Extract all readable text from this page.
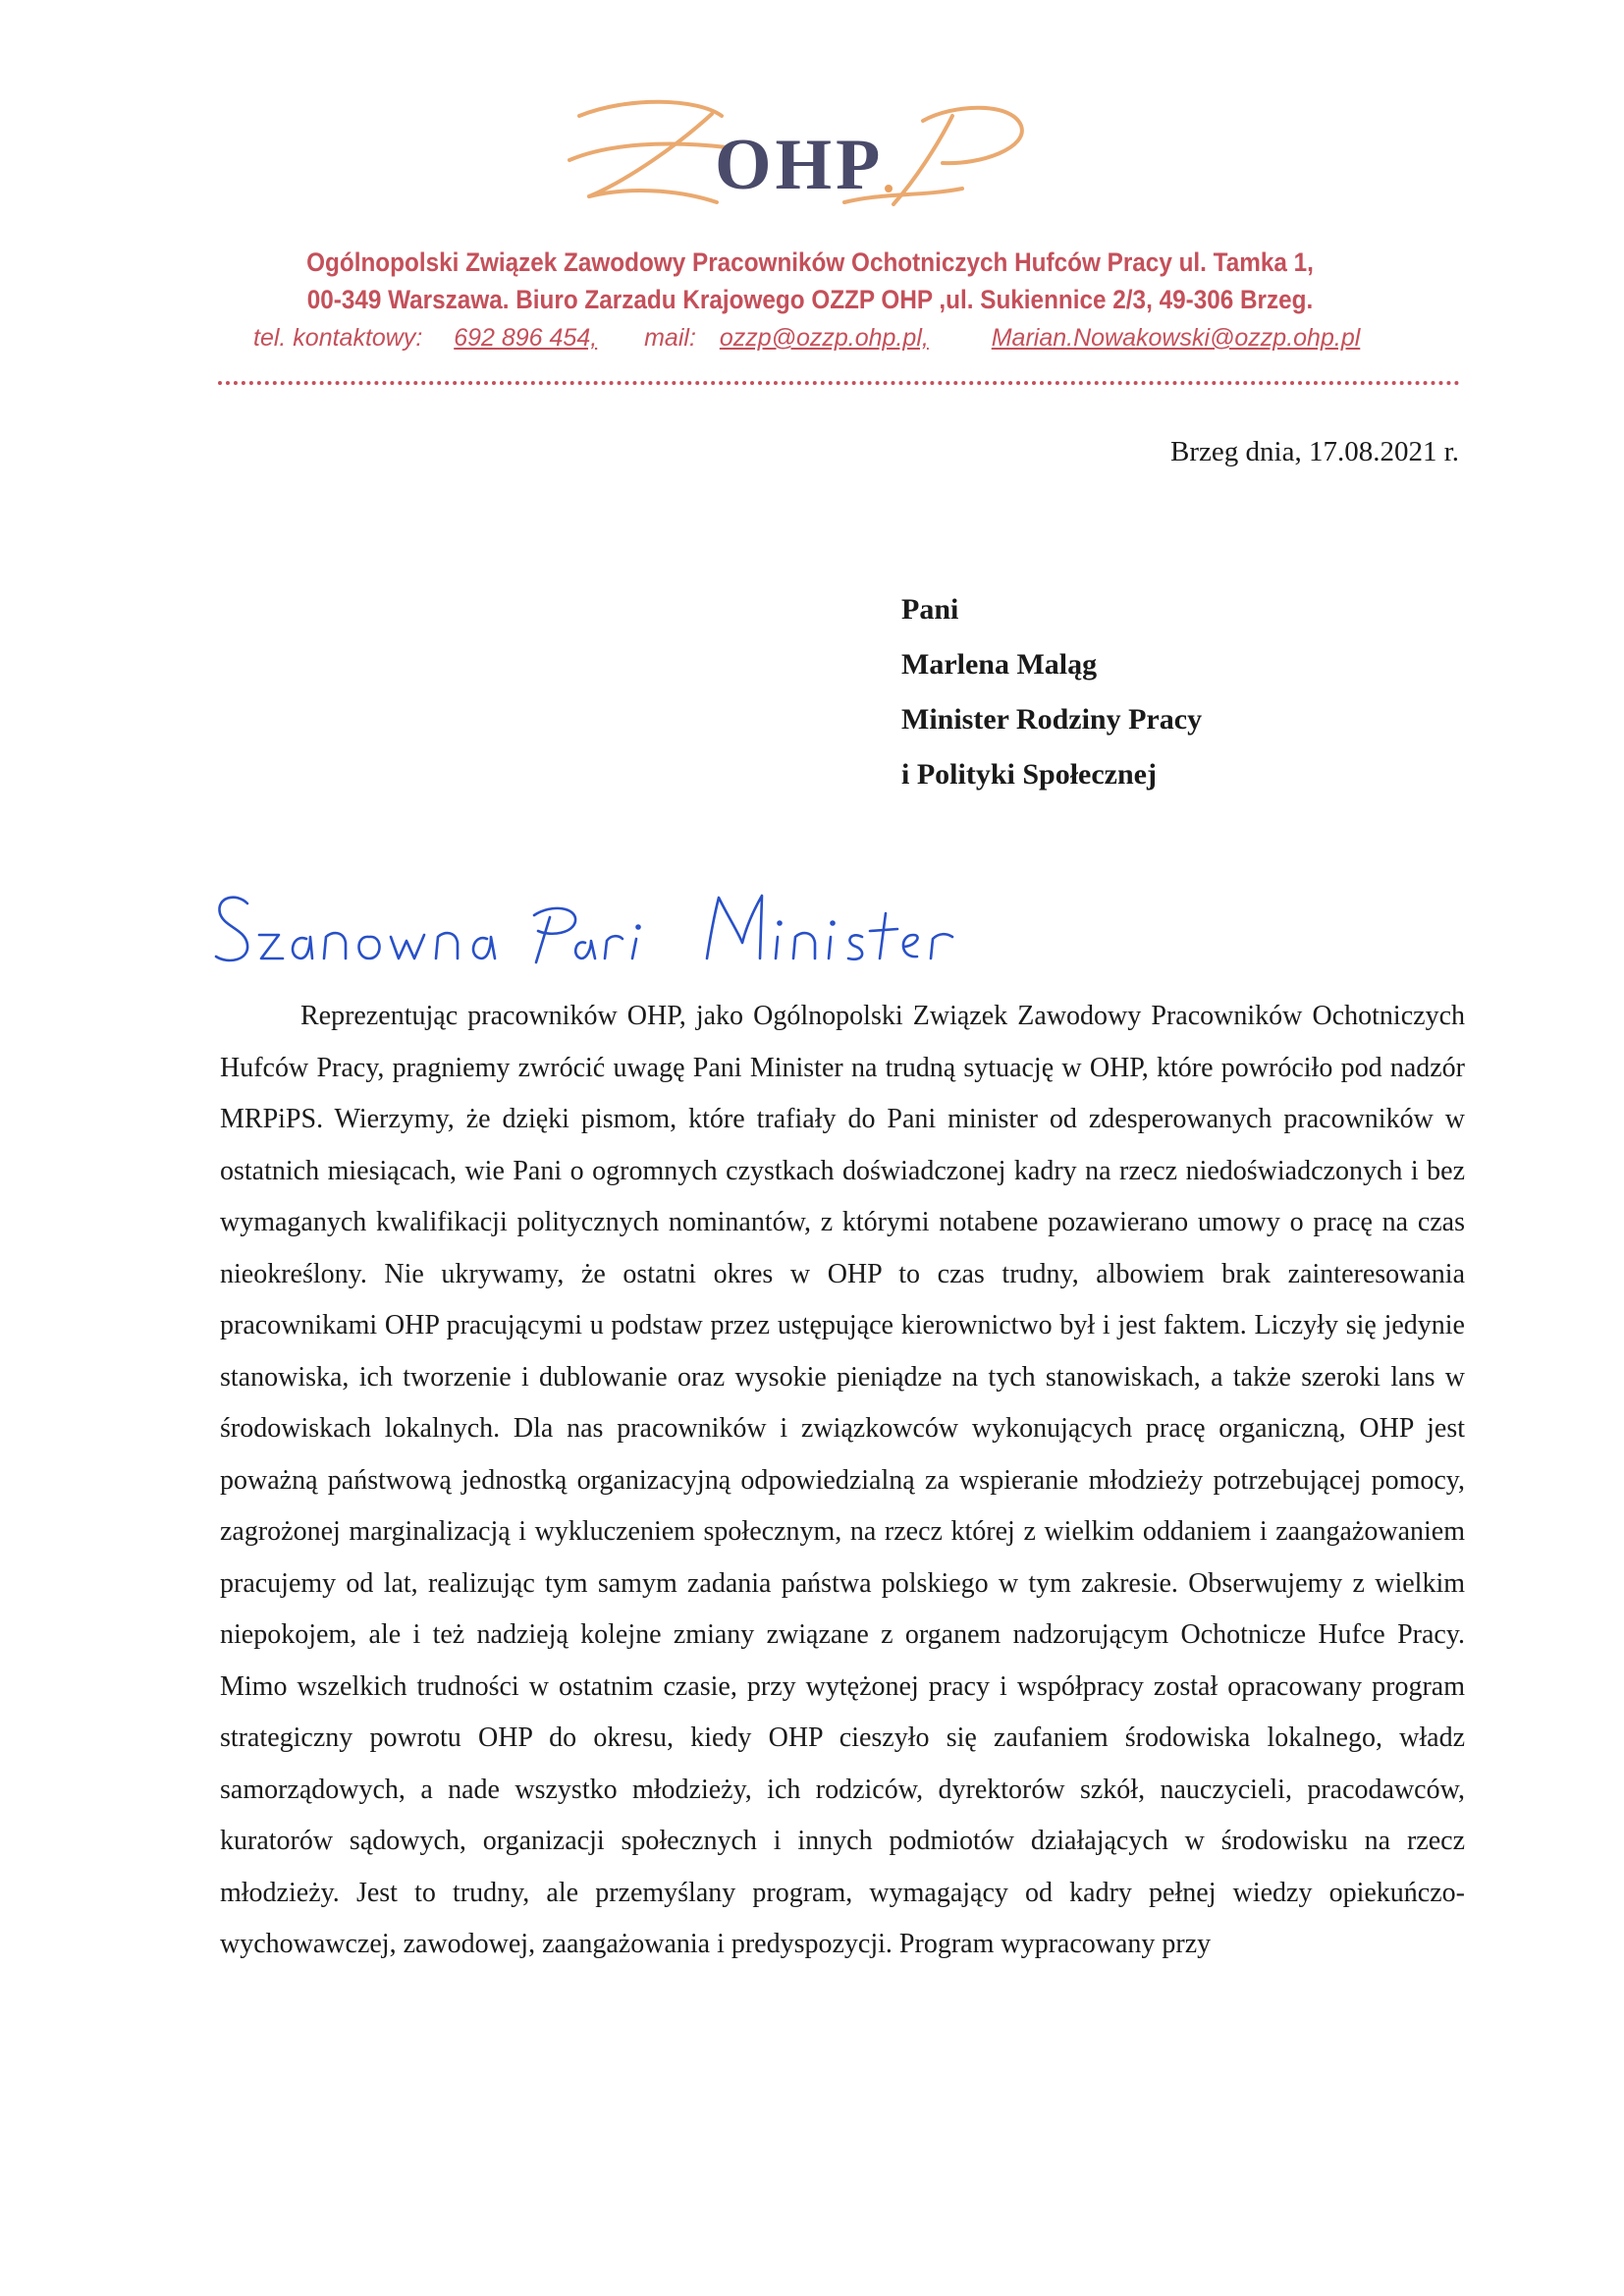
OHP
Ogólnopolski Związek Zawodowy Pracowników Ochotniczych Hufców Pracy ul. Tamka 1,
00-349 Warszawa. Biuro Zarzadu Krajowego OZZP OHP ,ul. Sukiennice 2/3, 49-306 Brzeg.
tel. kontaktowy: 692 896 454, mail: ozzp@ozzp.ohp.pl,	Marian.Nowakowski@ozzp.ohp.pl
Brzeg dnia, 17.08.2021 r.
Pani
Marlena Maląg
Minister Rodziny Pracy
i Polityki Społecznej
Reprezentując pracowników OHP, jako Ogólnopolski Związek Zawodowy Pracowników Ochotniczych Hufców Pracy, pragniemy zwrócić uwagę Pani Minister na trudną sytuację w OHP, które powróciło pod nadzór MRPiPS. Wierzymy, że dzięki pismom, które trafiały do Pani minister od zdesperowanych pracowników w ostatnich miesiącach, wie Pani o ogromnych czystkach doświadczonej kadry na rzecz niedoświadczonych i bez wymaganych kwalifikacji politycznych nominantów, z którymi notabene pozawierano umowy o pracę na czas nieokreślony. Nie ukrywamy, że ostatni okres w OHP to czas trudny, albowiem brak zainteresowania pracownikami OHP pracującymi u podstaw przez ustępujące kierownictwo był i jest faktem. Liczyły się jedynie stanowiska, ich tworzenie i dublowanie oraz wysokie pieniądze na tych stanowiskach, a także szeroki lans w środowiskach lokalnych. Dla nas pracowników i związkowców wykonujących pracę organiczną, OHP jest poważną państwową jednostką organizacyjną odpowiedzialną za wspieranie młodzieży potrzebującej pomocy, zagrożonej marginalizacją i wykluczeniem społecznym, na rzecz której z wielkim oddaniem i zaangażowaniem pracujemy od lat, realizując tym samym zadania państwa polskiego w tym zakresie. Obserwujemy z wielkim niepokojem, ale i też nadzieją kolejne zmiany związane z organem nadzorującym Ochotnicze Hufce Pracy. Mimo wszelkich trudności w ostatnim czasie, przy wytężonej pracy i współpracy został opracowany program strategiczny powrotu OHP do okresu, kiedy OHP cieszyło się zaufaniem środowiska lokalnego, władz samorządowych, a nade wszystko młodzieży, ich rodziców, dyrektorów szkół, nauczycieli, pracodawców, kuratorów sądowych, organizacji społecznych i innych podmiotów działających w środowisku na rzecz młodzieży. Jest to trudny, ale przemyślany program, wymagający od kadry pełnej wiedzy opiekuńczo-wychowawczej, zawodowej, zaangażowania i predyspozycji. Program wypracowany przy
